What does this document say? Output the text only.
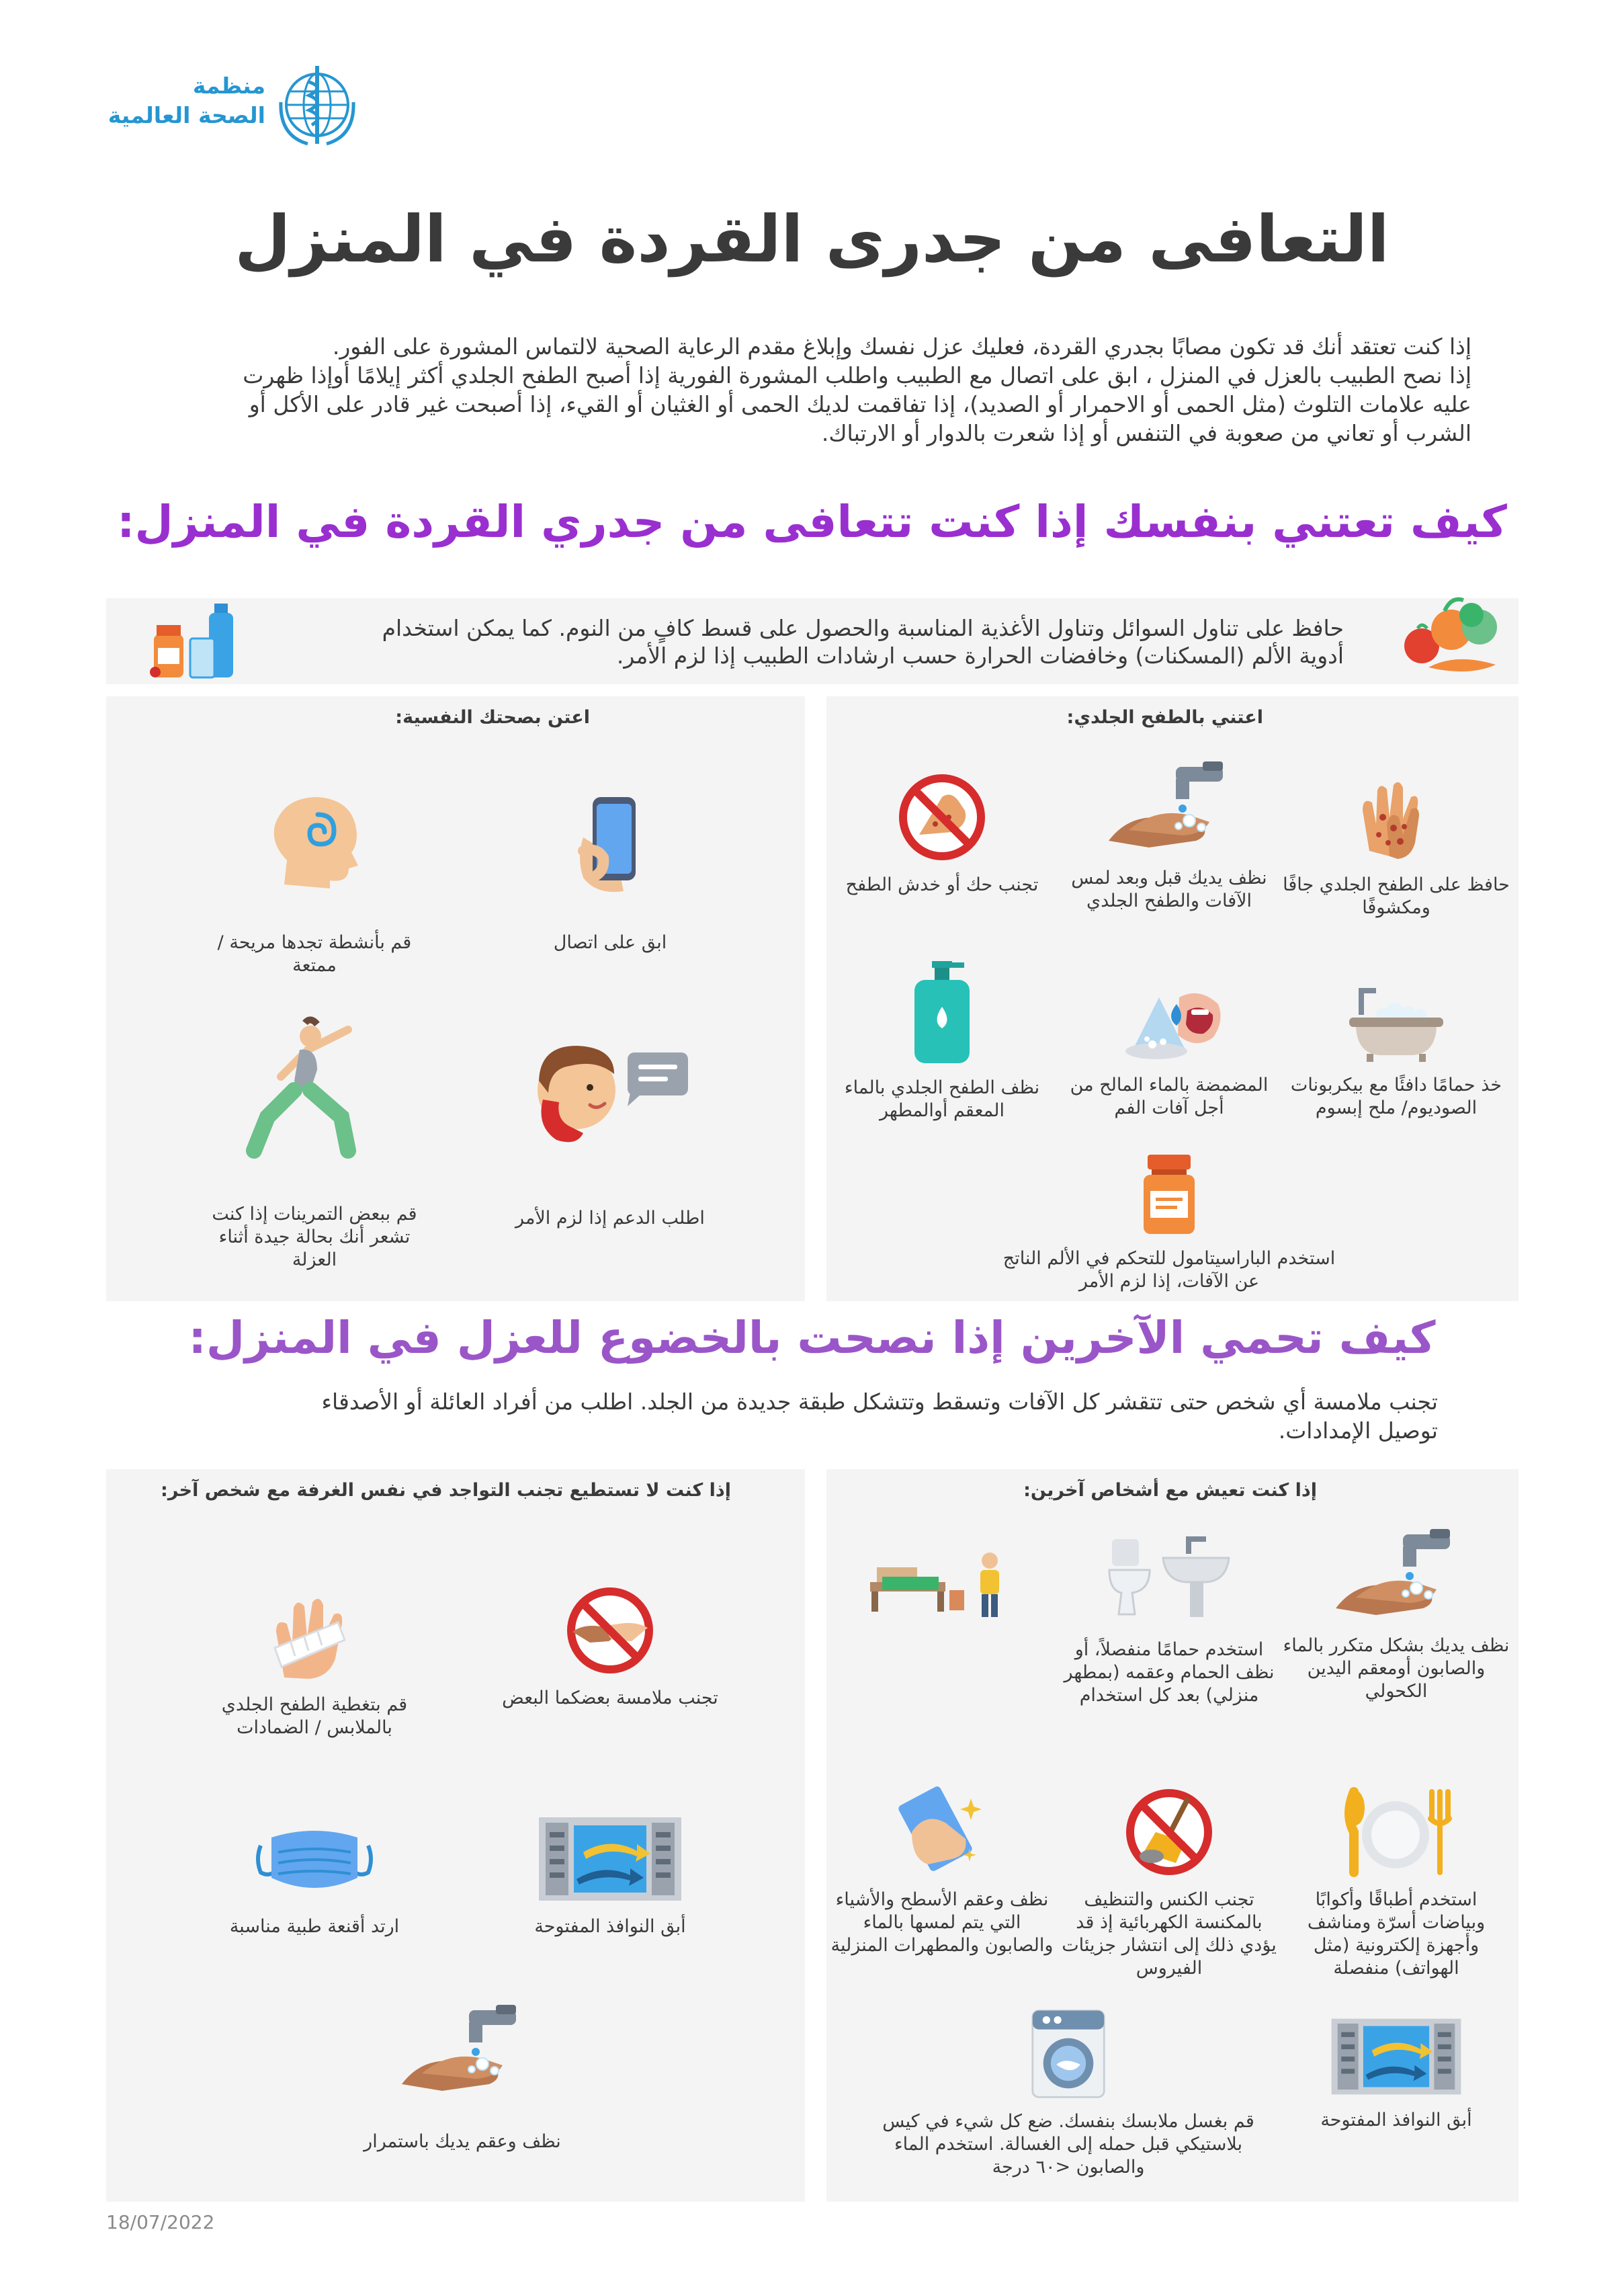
منظمة
الصحة العالمية
التعافى من جدرى القردة في المنزل
إذا كنت تعتقد أنك قد تكون مصابًا بجدري القردة، فعليك عزل نفسك وإبلاغ مقدم الرعاية الصحية لالتماس المشورة على الفور.
إذا نصح الطبيب بالعزل في المنزل ، ابق على اتصال مع الطبيب واطلب المشورة الفورية إذا أصبح الطفح الجلدي أكثر إيلامًا أوإذا ظهرت
عليه علامات التلوث (مثل الحمى أو الاحمرار أو الصديد)، إذا تفاقمت لديك الحمى أو الغثيان أو القيء، إذا أصبحت غير قادر على الأكل أو
الشرب أو تعاني من صعوبة في التنفس أو إذا شعرت بالدوار أو الارتباك.
كيف تعتني بنفسك إذا كنت تتعافى من جدري القردة في المنزل:
حافظ على تناول السوائل وتناول الأغذية المناسبة والحصول على قسط كافٍ من النوم. كما يمكن استخدام
أدوية الألم (المسكنات) وخافضات الحرارة حسب ارشادات الطبيب إذا لزم الأمر.
اعتني بالطفح الجلدي:
حافظ على الطفح الجلدي جافًا ومكشوفًا
نظف يديك قبل وبعد لمس الآفات والطفح الجلدي
تجنب حك أو خدش الطفح
خذ حمامًا دافئًا مع بيكربونات الصوديوم/ ملح إبسوم
المضمضة بالماء المالح من أجل آفات الفم
نظف الطفح الجلدي بالماء المعقم أوالمطهر
استخدم الباراسيتامول للتحكم في الألم الناتج عن الآفات، إذا لزم الأمر
اعتن بصحتك النفسية:
ابق على اتصال
قم بأنشطة تجدها مريحة / ممتعة
اطلب الدعم إذا لزم الأمر
قم ببعض التمرينات إذا كنت تشعر أنك بحالة جيدة أثناء العزلة
كيف تحمي الآخرين إذا نصحت بالخضوع للعزل في المنزل:
تجنب ملامسة أي شخص حتى تتقشر كل الآفات وتسقط وتتشكل طبقة جديدة من الجلد. اطلب من أفراد العائلة أو الأصدقاء
توصيل الإمدادات.
إذا كنت تعيش مع أشخاص آخرين:
نظف يديك بشكل متكرر بالماء والصابون أومعقم اليدين الكحولي
استخدم حمامًا منفصلاً، أو نظف الحمام وعقمه (بمطهر منزلي) بعد كل استخدام
استخدم أطباقًا وأكوابًا وبياضات أسرّة ومناشف وأجهزة إلكترونية (مثل الهواتف) منفصلة
تجنب الكنس والتنظيف بالمكنسة الكهربائية إذ قد يؤدي ذلك إلى انتشار جزيئات الفيروس
نظف وعقم الأسطح والأشياء التي يتم لمسها بالماء والصابون والمطهرات المنزلية
أبق النوافذ المفتوحة
قم بغسل ملابسك بنفسك. ضع كل شيء في كيس بلاستيكي قبل حمله إلى الغسالة. استخدم الماء والصابون <٦٠ درجة
إذا كنت لا تستطيع تجنب التواجد في نفس الغرفة مع شخص آخر:
تجنب ملامسة بعضكما البعض
قم بتغطية الطفح الجلدي بالملابس / الضمادات
أبق النوافذ المفتوحة
ارتد أقنعة طبية مناسبة
نظف وعقم يديك باستمرار
18/07/2022
